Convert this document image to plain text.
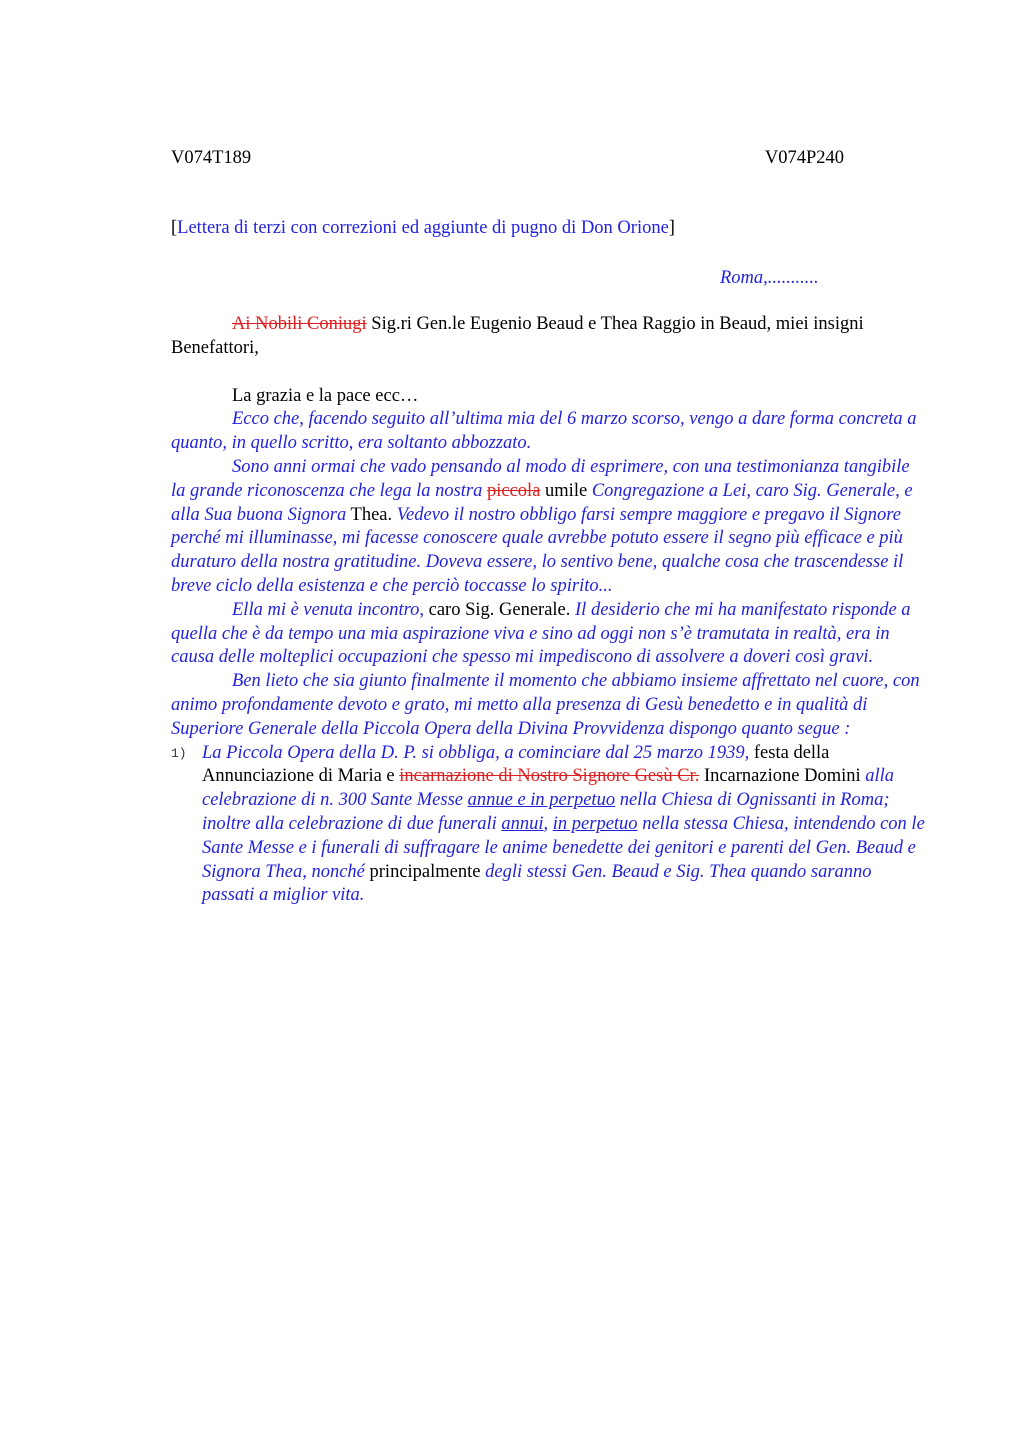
V074T189	V074P240
[Lettera di terzi con correzioni ed aggiunte di pugno di Don Orione]
Roma,...........

Ai Nobili Coniugi Sig.ri Gen.le Eugenio Beaud e Thea Raggio in Beaud, miei insigni Benefattori,

La grazia e la pace ecc…

Ecco che, facendo seguito all’ultima mia del 6 marzo scorso, vengo a dare forma concreta a quanto, in quello scritto, era soltanto abbozzato.

Sono anni ormai che vado pensando al modo di esprimere, con una testimonianza tangibile la grande riconoscenza che lega la nostra piccola umile Congregazione a Lei, caro Sig. Generale, e alla Sua buona Signora Thea. Vedevo il nostro obbligo farsi sempre maggiore e pregavo il Signore perché mi illuminasse, mi facesse conoscere quale avrebbe potuto essere il segno più efficace e più duraturo della nostra gratitudine. Doveva essere, lo sentivo bene, qualche cosa che trascendesse il breve ciclo della esistenza e che perciò toccasse lo spirito...

Ella mi è venuta incontro, caro Sig. Generale. Il desiderio che mi ha manifestato risponde a quella che è da tempo una mia aspirazione viva e sino ad oggi non s’è tramutata in realtà, era in causa delle molteplici occupazioni che spesso mi impediscono di assolvere a doveri così gravi.

Ben lieto che sia giunto finalmente il momento che abbiamo insieme affrettato nel cuore, con animo profondamente devoto e grato, mi metto alla presenza di Gesù benedetto e in qualità di Superiore Generale della Piccola Opera della Divina Provvidenza dispongo quanto segue :

1) La Piccola Opera della D. P. si obbliga, a cominciare dal 25 marzo 1939, festa della Annunciazione di Maria e incarnazione di Nostro Signore Gesù Cr. Incarnazione Domini alla celebrazione di n. 300 Sante Messe annue e in perpetuo nella Chiesa di Ognissanti in Roma; inoltre alla celebrazione di due funerali annui, in perpetuo nella stessa Chiesa, intendendo con le Sante Messe e i funerali di suffragare le anime benedette dei genitori e parenti del Gen. Beaud e Signora Thea, nonché principalmente degli stessi Gen. Beaud e Sig. Thea quando saranno passati a miglior vita.
